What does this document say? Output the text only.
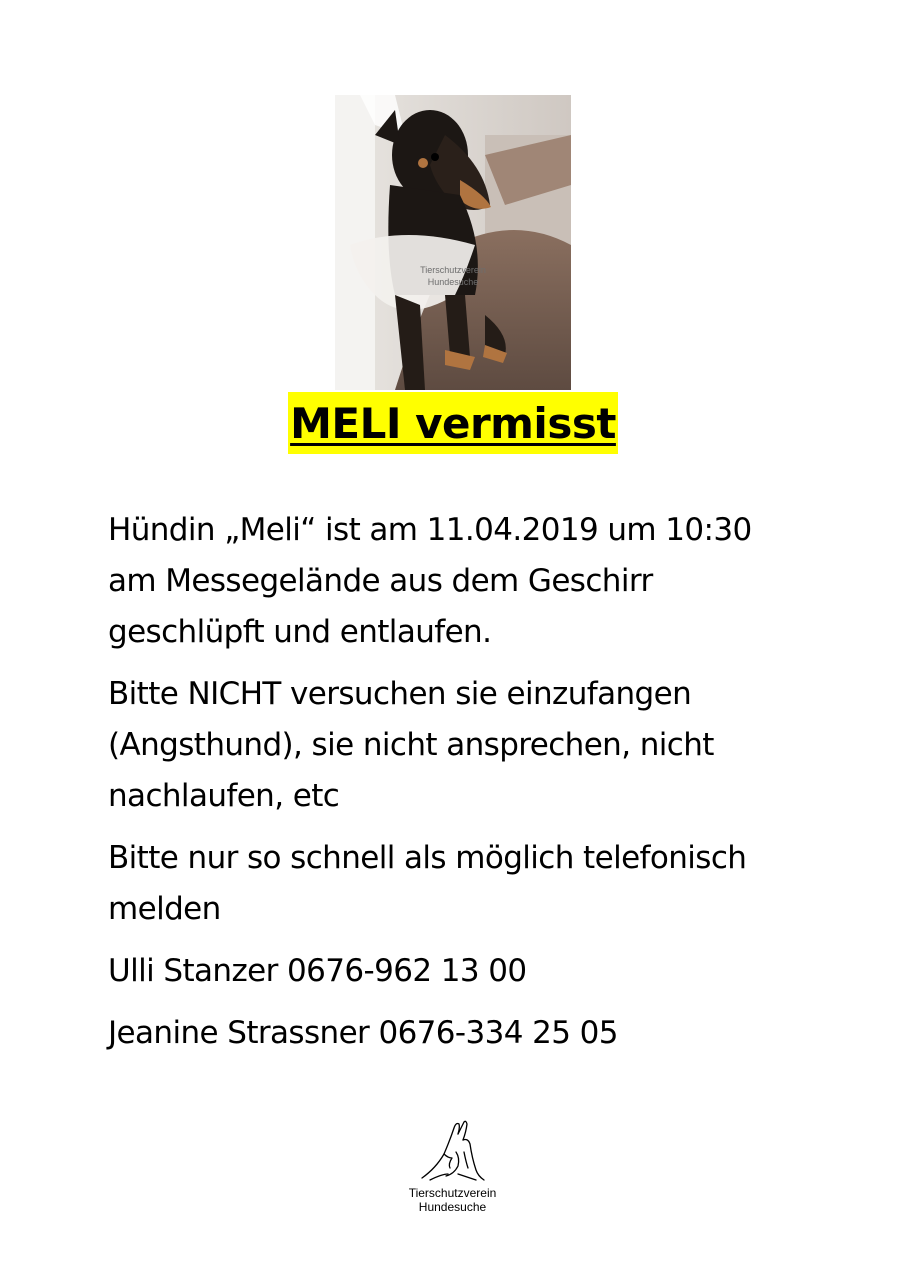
Tierschutzverein
Hundesuche
MELI vermisst

Hündin „Meli“ ist am 11.04.2019 um 10:30
am Messegelände aus dem Geschirr
geschlüpft und entlaufen.

Bitte NICHT versuchen sie einzufangen
(Angsthund), sie nicht ansprechen, nicht
nachlaufen, etc

Bitte nur so schnell als möglich telefonisch
melden

Ulli Stanzer 0676-962 13 00

Jeanine Strassner 0676-334 25 05

Tierschutzverein
Hundesuche
